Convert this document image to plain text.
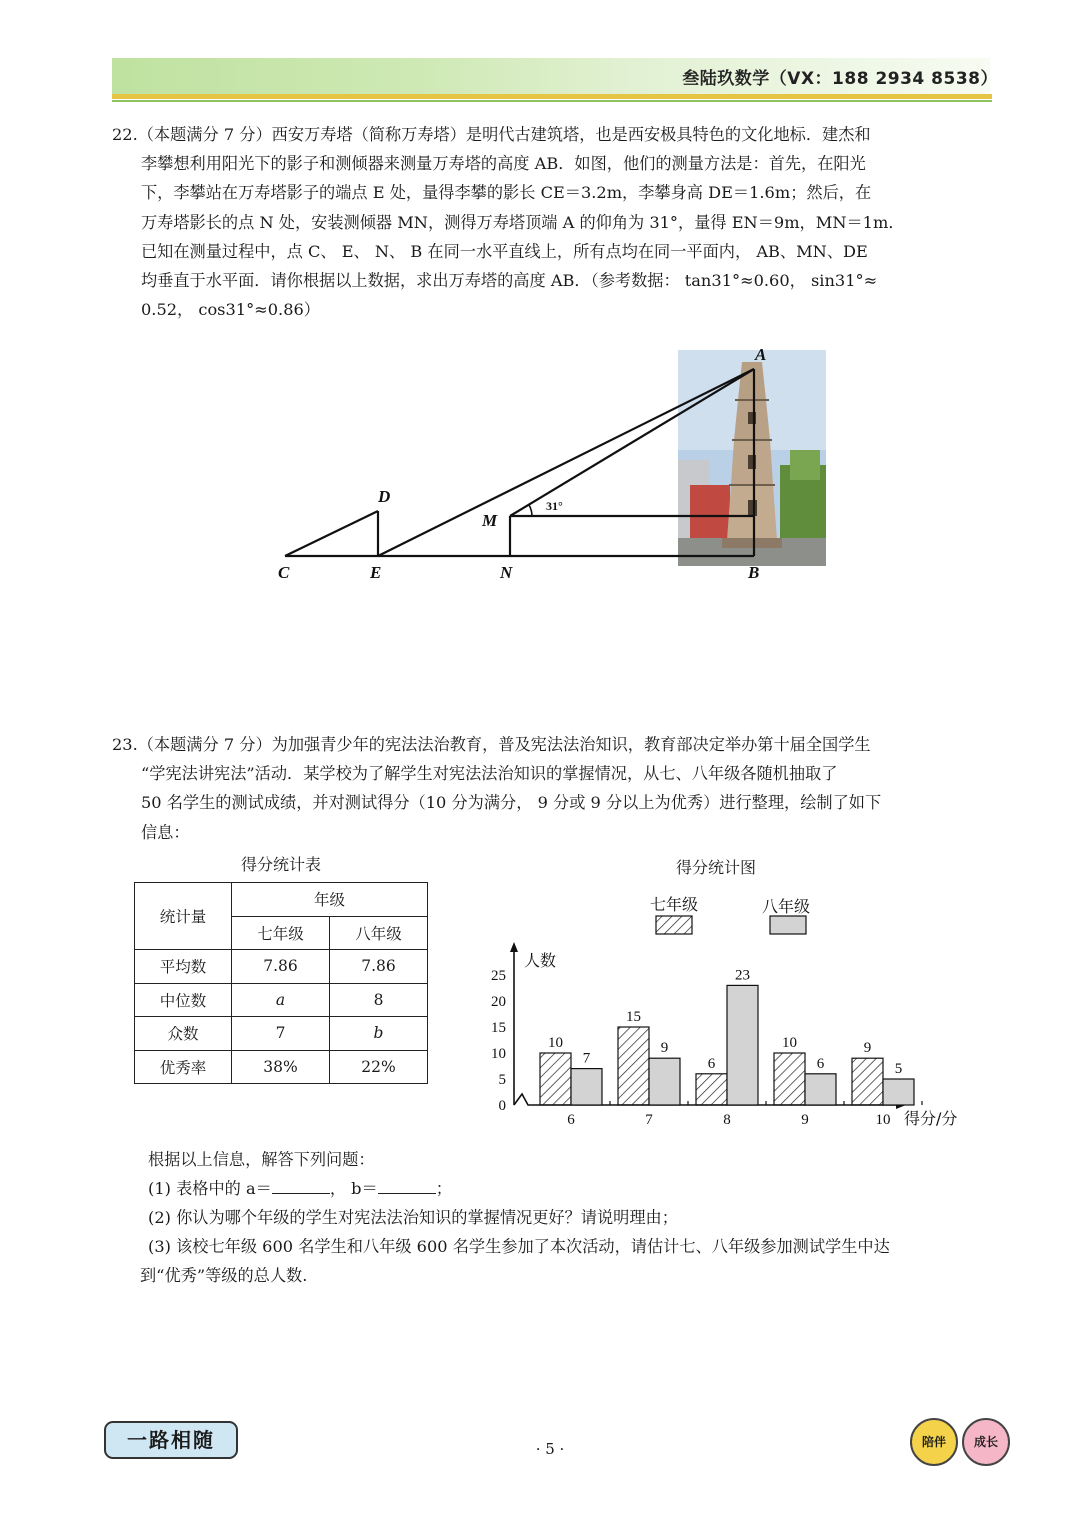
叁陆玖数学（VX：188 2934 8538）
22.（本题满分 7 分）西安万寿塔（简称万寿塔）是明代古建筑塔，也是西安极具特色的文化地标．建杰和
李攀想利用阳光下的影子和测倾器来测量万寿塔的高度 AB．如图，他们的测量方法是：首先，在阳光
下，李攀站在万寿塔影子的端点 E 处，量得李攀的影长 CE＝3.2m，李攀身高 DE＝1.6m；然后，在
万寿塔影长的点 N 处，安装测倾器 MN，测得万寿塔顶端 A 的仰角为 31°，量得 EN＝9m，MN＝1m．
已知在测量过程中，点 C、 E、 N、 B 在同一水平直线上，所有点均在同一平面内， AB、MN、DE
均垂直于水平面．请你根据以上数据，求出万寿塔的高度 AB．（参考数据： tan31°≈0.60， sin31°≈
0.52， cos31°≈0.86）
A
B
C
D
E
M
N
31°
23.（本题满分 7 分）为加强青少年的宪法法治教育，普及宪法法治知识，教育部决定举办第十届全国学生
“学宪法讲宪法”活动．某学校为了解学生对宪法法治知识的掌握情况，从七、八年级各随机抽取了
50 名学生的测试成绩，并对测试得分（10 分为满分， 9 分或 9 分以上为优秀）进行整理，绘制了如下
信息：
得分统计表
统计量	年级	
	七年级	八年级
平均数	7.86	7.86
中位数	a	8
众数	7	b
优秀率	38%	22%
得分统计图
0
5
10
15
20
25
10
7
6
15
9
7
6
23
8
10
6
9
9
5
10
人数
得分/分
七年级	八年级
根据以上信息，解答下列问题：
(1) 表格中的 a＝	， b＝	；
(2) 你认为哪个年级的学生对宪法法治知识的掌握情况更好？请说明理由；
(3) 该校七年级 600 名学生和八年级 600 名学生参加了本次活动，请估计七、八年级参加测试学生中达
到“优秀”等级的总人数.
一路相随	· 5 ·	陪伴	成长
